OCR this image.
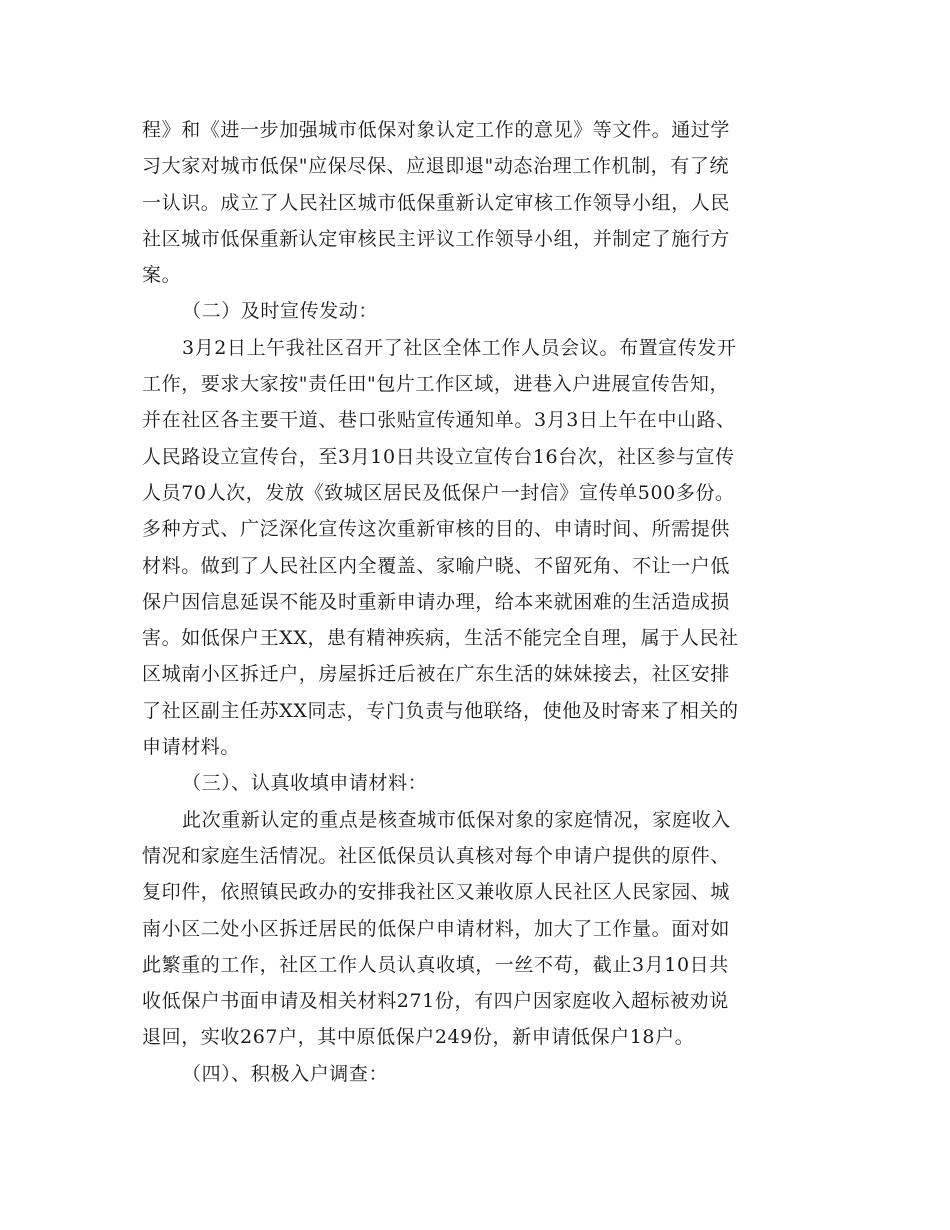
程》和《进一步加强城市低保对象认定工作的意见》等文件。通过学
习大家对城市低保"应保尽保、应退即退"动态治理工作机制，有了统
一认识。成立了人民社区城市低保重新认定审核工作领导小组，人民
社区城市低保重新认定审核民主评议工作领导小组，并制定了施行方
案。
（二）及时宣传发动：
3月2日上午我社区召开了社区全体工作人员会议。布置宣传发开
工作，要求大家按"责任田"包片工作区域，进巷入户进展宣传告知，
并在社区各主要干道、巷口张贴宣传通知单。3月3日上午在中山路、
人民路设立宣传台，至3月10日共设立宣传台16台次，社区参与宣传
人员70人次，发放《致城区居民及低保户一封信》宣传单500多份。
多种方式、广泛深化宣传这次重新审核的目的、申请时间、所需提供
材料。做到了人民社区内全覆盖、家喻户晓、不留死角、不让一户低
保户因信息延误不能及时重新申请办理，给本来就困难的生活造成损
害。如低保户王XX，患有精神疾病，生活不能完全自理，属于人民社
区城南小区拆迁户，房屋拆迁后被在广东生活的妹妹接去，社区安排
了社区副主任苏XX同志，专门负责与他联络，使他及时寄来了相关的
申请材料。
（三）、认真收填申请材料：
此次重新认定的重点是核查城市低保对象的家庭情况，家庭收入
情况和家庭生活情况。社区低保员认真核对每个申请户提供的原件、
复印件，依照镇民政办的安排我社区又兼收原人民社区人民家园、城
南小区二处小区拆迁居民的低保户申请材料，加大了工作量。面对如
此繁重的工作，社区工作人员认真收填，一丝不苟，截止3月10日共
收低保户书面申请及相关材料271份，有四户因家庭收入超标被劝说
退回，实收267户，其中原低保户249份，新申请低保户18户。
（四）、积极入户调查：
